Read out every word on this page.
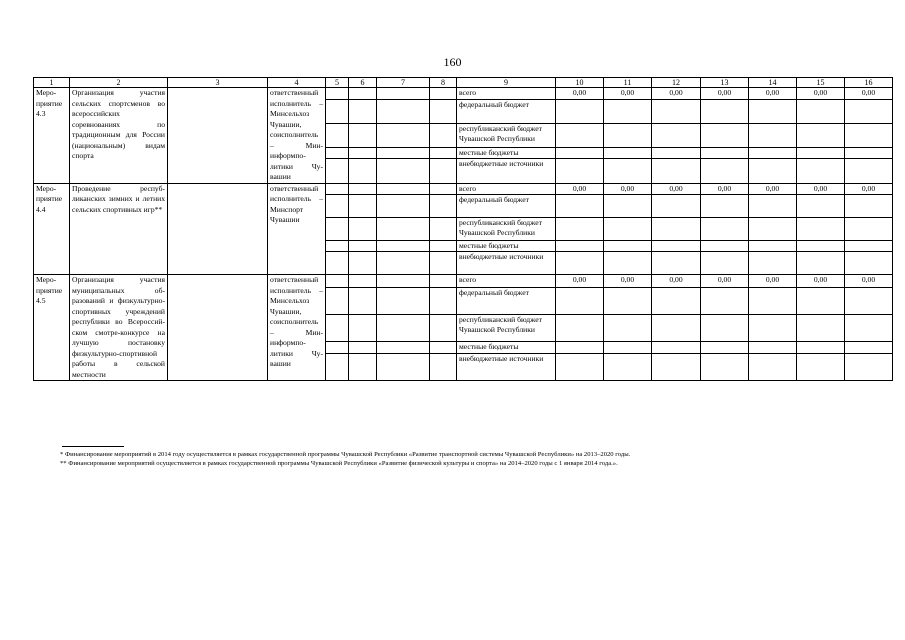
160
1	2	3	4	5	6	7	8	9	10	11	12	13	14	15	16
Мероприятие 4.3	Организация участия сельских спортсменов во всероссийских соревнованиях по традиционным для России (национальным) видам спорта		ответственный исполнитель – Минсельхоз Чувашии, соисполнитель – Мининформполитики Чувашии					всего	0,00	0,00	0,00	0,00	0,00	0,00	0,00
								федеральный бюджет							
								республиканский бюджет Чувашской Республики							
								местные бюджеты							
								внебюджетные источники							
Мероприятие 4.4	Проведение республиканских зимних и летних сельских спортивных игр**		ответственный исполнитель – Минспорт Чувашии					всего	0,00	0,00	0,00	0,00	0,00	0,00	0,00
								федеральный бюджет							
								республиканский бюджет Чувашской Республики							
								местные бюджеты							
								внебюджетные источники							
Мероприятие 4.5	Организация участия муниципальных образований и физкультурно-спортивных учреждений республики во Всероссийском смотре-конкурсе на лучшую постановку физкультурно-спортивной работы в сельской местности		ответственный исполнитель – Минсельхоз Чувашии, соисполнитель – Мининформполитики Чувашии					всего	0,00	0,00	0,00	0,00	0,00	0,00	0,00
								федеральный бюджет							
								республиканский бюджет Чувашской Республики							
								местные бюджеты							
								внебюджетные источники							
* Финансирование мероприятий в 2014 году осуществляется в рамках государственной программы Чувашской Республики «Развитие транспортной системы Чувашской Республики» на 2013–2020 годы.
** Финансирование мероприятий осуществляется в рамках государственной программы Чувашской Республики «Развитие физической культуры и спорта» на 2014–2020 годы с 1 января 2014 года.».
